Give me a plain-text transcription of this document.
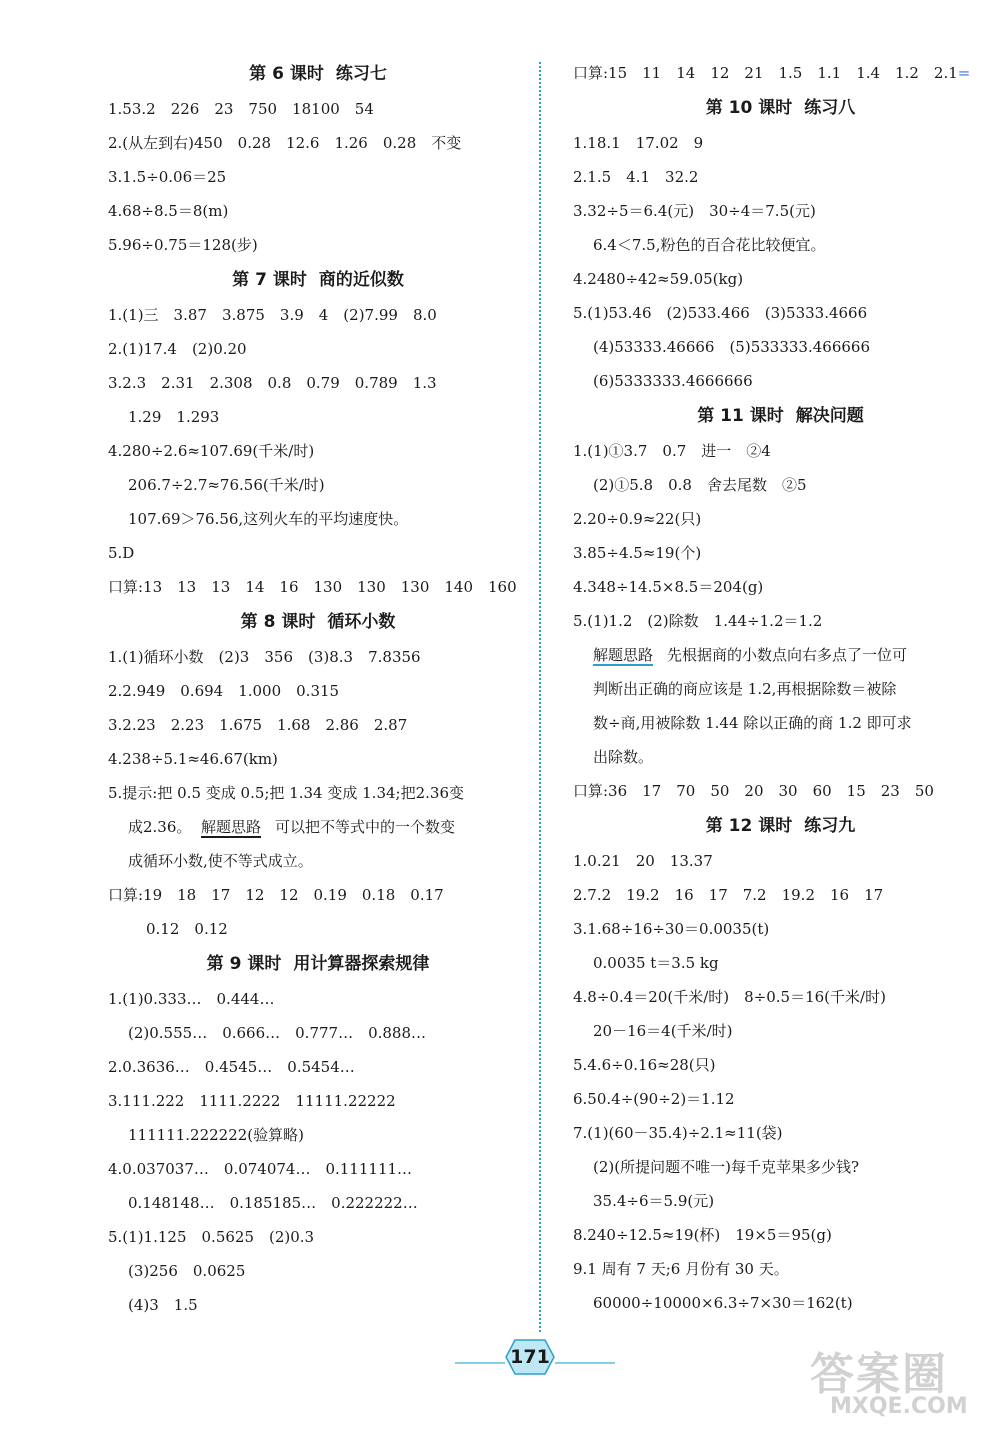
第 6 课时 练习七
1.53.2　226　23　750　18100　54
2.(从左到右)450　0.28　12.6　1.26　0.28　不变
3.1.5÷0.06＝25
4.68÷8.5＝8(m)
5.96÷0.75＝128(步)
第 7 课时 商的近似数
1.(1)三　3.87　3.875　3.9　4　(2)7.99　8.0
2.(1)17.4　(2)0.20
3.2.3　2.31　2.308　0.8　0.79　0.789　1.3
1.29　1.293
4.280÷2.6≈107.69(千米/时)
206.7÷2.7≈76.56(千米/时)
107.69＞76.56,这列火车的平均速度快。
5.D
口算:13　13　13　14　16　130　130　130　140　160
第 8 课时 循环小数
1.(1)循环小数　(2)3　356　(3)8.3　7.8356
2.2.949　0.694　1.000　0.315
3.2.23　2.23　1.675　1.68　2.86　2.87
4.238÷5.1≈46.67(km)
5.提示:把 0.5 变成 0.5;把 1.34 变成 1.34;把2.36变
成2.36。 解题思路 可以把不等式中的一个数变
成循环小数,使不等式成立。
口算:19　18　17　12　12　0.19　0.18　0.17
0.12　0.12
第 9 课时 用计算器探索规律
1.(1)0.333…　0.444…
(2)0.555…　0.666…　0.777…　0.888…
2.0.3636…　0.4545…　0.5454…
3.111.222　1111.2222　11111.22222
111111.222222(验算略)
4.0.037037…　0.074074…　0.111111…
0.148148…　0.185185…　0.222222…
5.(1)1.125　0.5625　(2)0.3
(3)256　0.0625
(4)3　1.5
口算:15　11　14　12　21　1.5　1.1　1.4　1.2　2.1=
第 10 课时 练习八
1.18.1　17.02　9
2.1.5　4.1　32.2
3.32÷5＝6.4(元)　30÷4＝7.5(元)
6.4＜7.5,粉色的百合花比较便宜。
4.2480÷42≈59.05(kg)
5.(1)53.46　(2)533.466　(3)5333.4666
(4)53333.46666　(5)533333.466666
(6)5333333.4666666
第 11 课时 解决问题
1.(1)①3.7　0.7　进一　②4
(2)①5.8　0.8　舍去尾数　②5
2.20÷0.9≈22(只)
3.85÷4.5≈19(个)
4.348÷14.5×8.5＝204(g)
5.(1)1.2　(2)除数　1.44÷1.2＝1.2
解题思路 先根据商的小数点向右多点了一位可
判断出正确的商应该是 1.2,再根据除数＝被除
数÷商,用被除数 1.44 除以正确的商 1.2 即可求
出除数。
口算:36　17　70　50　20　30　60　15　23　50
第 12 课时 练习九
1.0.21　20　13.37
2.7.2　19.2　16　17　7.2　19.2　16　17
3.1.68÷16÷30＝0.0035(t)
0.0035 t＝3.5 kg
4.8÷0.4＝20(千米/时)　8÷0.5＝16(千米/时)
20－16＝4(千米/时)
5.4.6÷0.16≈28(只)
6.50.4÷(90÷2)＝1.12
7.(1)(60－35.4)÷2.1≈11(袋)
(2)(所提问题不唯一)每千克苹果多少钱?
35.4÷6＝5.9(元)
8.240÷12.5≈19(杯)　19×5＝95(g)
9.1 周有 7 天;6 月份有 30 天。
60000÷10000×6.3÷7×30＝162(t)
171	答案圈
MXQE.COM
